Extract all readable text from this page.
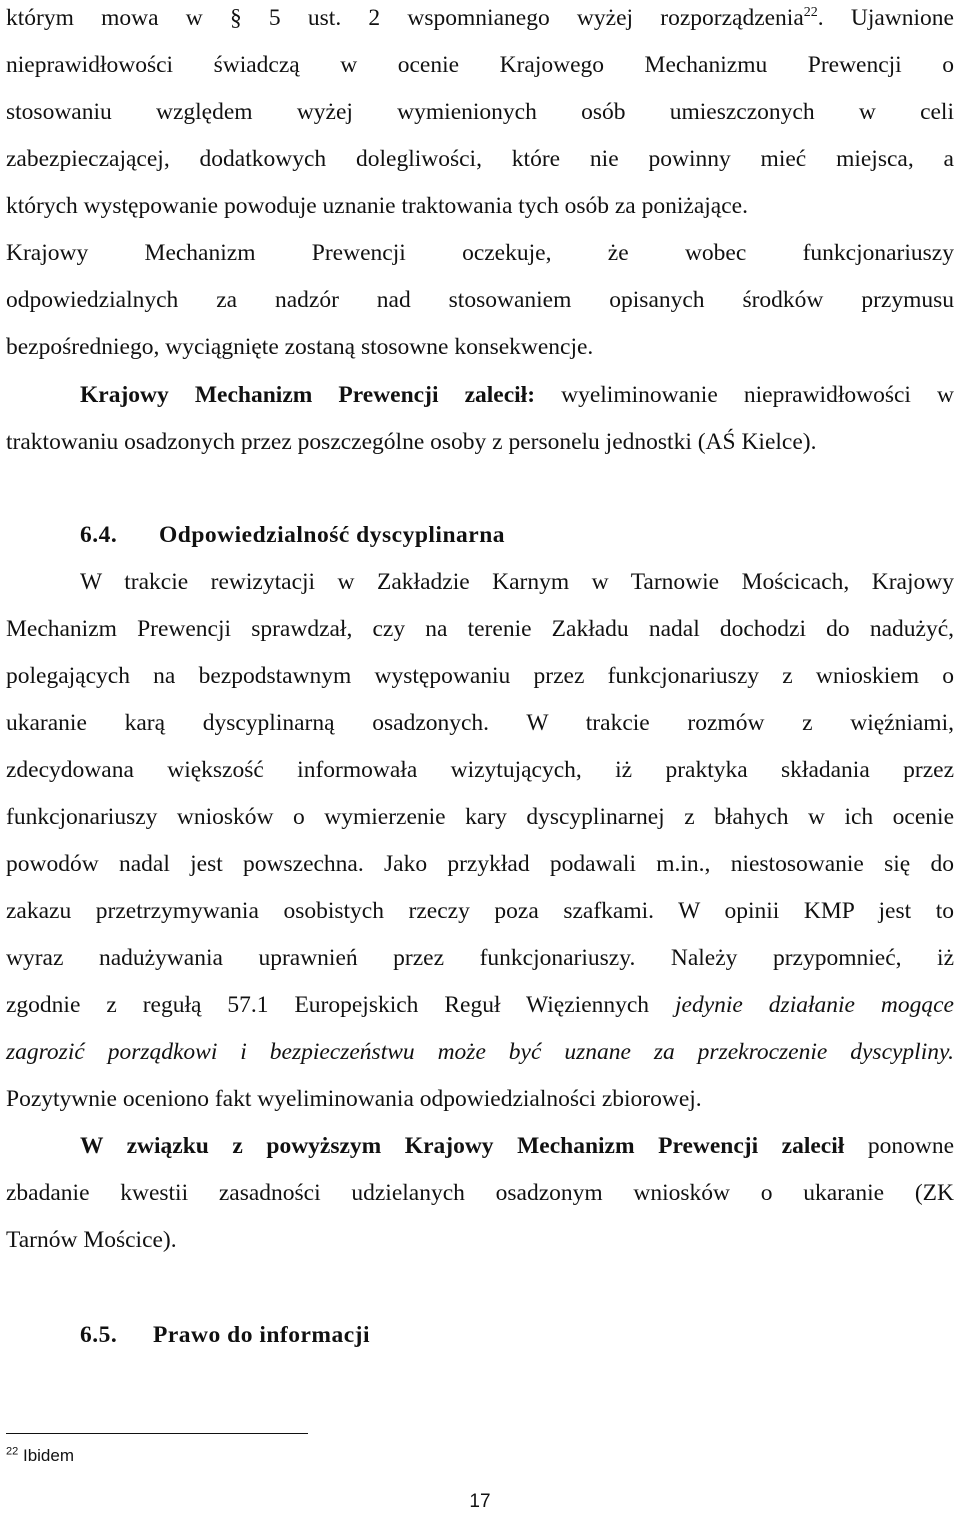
którym mowa w § 5 ust. 2 wspomnianego wyżej rozporządzenia$^{22}$. Ujawnione
nieprawidłowości świadczą w ocenie Krajowego Mechanizmu Prewencji o
stosowaniu względem wyżej wymienionych osób umieszczonych w celi
zabezpieczającej, dodatkowych dolegliwości, które nie powinny mieć miejsca, a
których występowanie powoduje uznanie traktowania tych osób za poniżające.
Krajowy Mechanizm Prewencji oczekuje, że wobec funkcjonariuszy
odpowiedzialnych za nadzór nad stosowaniem opisanych środków przymusu
bezpośredniego, wyciągnięte zostaną stosowne konsekwencje.
Krajowy Mechanizm Prewencji zalecił: wyeliminowanie nieprawidłowości w
traktowaniu osadzonych przez poszczególne osoby z personelu jednostki (AŚ Kielce).
6.4. Odpowiedzialność dyscyplinarna
W trakcie rewizytacji w Zakładzie Karnym w Tarnowie Mościcach, Krajowy
Mechanizm Prewencji sprawdzał, czy na terenie Zakładu nadal dochodzi do nadużyć,
polegających na bezpodstawnym występowaniu przez funkcjonariuszy z wnioskiem o
ukaranie karą dyscyplinarną osadzonych. W trakcie rozmów z więźniami,
zdecydowana większość informowała wizytujących, iż praktyka składania przez
funkcjonariuszy wniosków o wymierzenie kary dyscyplinarnej z błahych w ich ocenie
powodów nadal jest powszechna. Jako przykład podawali m.in., niestosowanie się do
zakazu przetrzymywania osobistych rzeczy poza szafkami. W opinii KMP jest to
wyraz nadużywania uprawnień przez funkcjonariuszy. Należy przypomnieć, iż
zgodnie z regułą 57.1 Europejskich Reguł Więziennych jedynie działanie mogące
zagrozić porządkowi i bezpieczeństwu może być uznane za przekroczenie dyscypliny.
Pozytywnie oceniono fakt wyeliminowania odpowiedzialności zbiorowej.
W związku z powyższym Krajowy Mechanizm Prewencji zalecił ponowne
zbadanie kwestii zasadności udzielanych osadzonym wniosków o ukaranie (ZK
Tarnów Mościce).
6.5. Prawo do informacji
$^{22}$ Ibidem
17
